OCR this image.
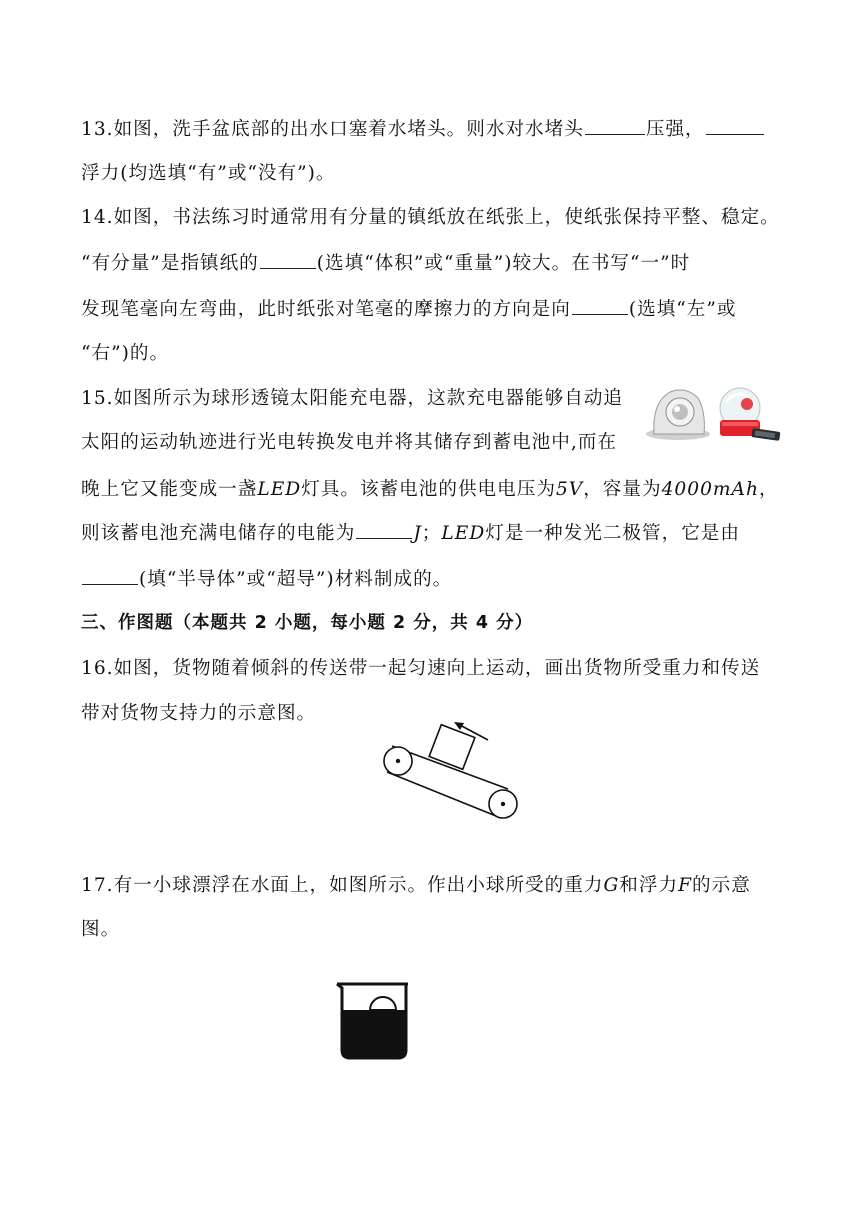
13.如图，洗手盆底部的出水口塞着水堵头。则水对水堵头	压强，
浮力(均选填“有”或“没有”)。
14.如图，书法练习时通常用有分量的镇纸放在纸张上，使纸张保持平整、稳定。
“有分量”是指镇纸的	(选填“体积”或“重量”)较大。在书写“一”时
发现笔毫向左弯曲，此时纸张对笔毫的摩擦力的方向是向	(选填“左”或
“右”)的。
15.如图所示为球形透镜太阳能充电器，这款充电器能够自动追
太阳的运动轨迹进行光电转换发电并将其储存到蓄电池中,而在
晚上它又能变成一盏LED灯具。该蓄电池的供电电压为5V，容量为4000mAh，
则该蓄电池充满电储存的电能为	J；LED灯是一种发光二极管，它是由
(填“半导体”或“超导”)材料制成的。
三、作图题（本题共 2 小题，每小题 2 分，共 4 分）
16.如图，货物随着倾斜的传送带一起匀速向上运动，画出货物所受重力和传送
带对货物支持力的示意图。
17.有一小球漂浮在水面上，如图所示。作出小球所受的重力G和浮力F的示意
图。
